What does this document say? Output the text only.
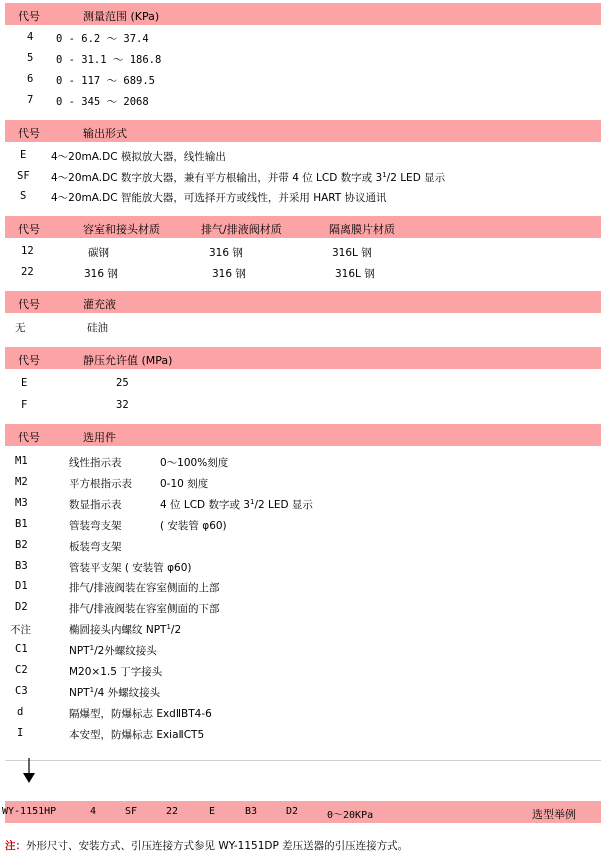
代号	测量范围 (KPa)
4 0 - 6.2 ～ 37.4
5 0 - 31.1 ～ 186.8
6 0 - 117 ～ 689.5
7 0 - 345 ～ 2068
代号	输出形式
E 4～20mA.DC 模拟放大器，线性输出
SF 4～20mA.DC 数字放大器，兼有平方根输出，并带 4 位 LCD 数字或 $3^1/2$ LED 显示
S 4～20mA.DC 智能放大器，可选择开方或线性，并采用 HART 协议通讯
代号	容室和接头材质	排气/排液阀材质	隔离膜片材质
12	碳钢	316 钢	316L 钢
22	316 钢	316 钢	316L 钢
代号	灌充液
无	硅油
代号	静压允许值 (MPa)
E	25
F	32
代号	选用件
M1	线性指示表	0～100%刻度
M2	平方根指示表	0-10 刻度
M3	数显指示表	4 位 LCD 数字或 $3^1/2$ LED 显示
B1	管装弯支架	( 安装管 φ60)
B2	板装弯支架
B3	管装平支架 ( 安装管 φ60)
D1	排气/排液阀装在容室侧面的上部
D2	排气/排液阀装在容室侧面的下部
不注	椭圆接头内螺纹 NPT$^1$/2
C1	NPT$^1$/2外螺纹接头
C2	M20×1.5 丁字接头
C3	NPT$^1$/4 外螺纹接头
d	隔爆型，防爆标志 ExdⅡBT4-6
I	本安型，防爆标志 ExiaⅡCT5
WY-1151HP	4	SF	22	E	B3	D2	0～20KPa	选型举例
注：外形尺寸、安装方式、引压连接方式参见 WY-1151DP 差压送器的引压连接方式。
